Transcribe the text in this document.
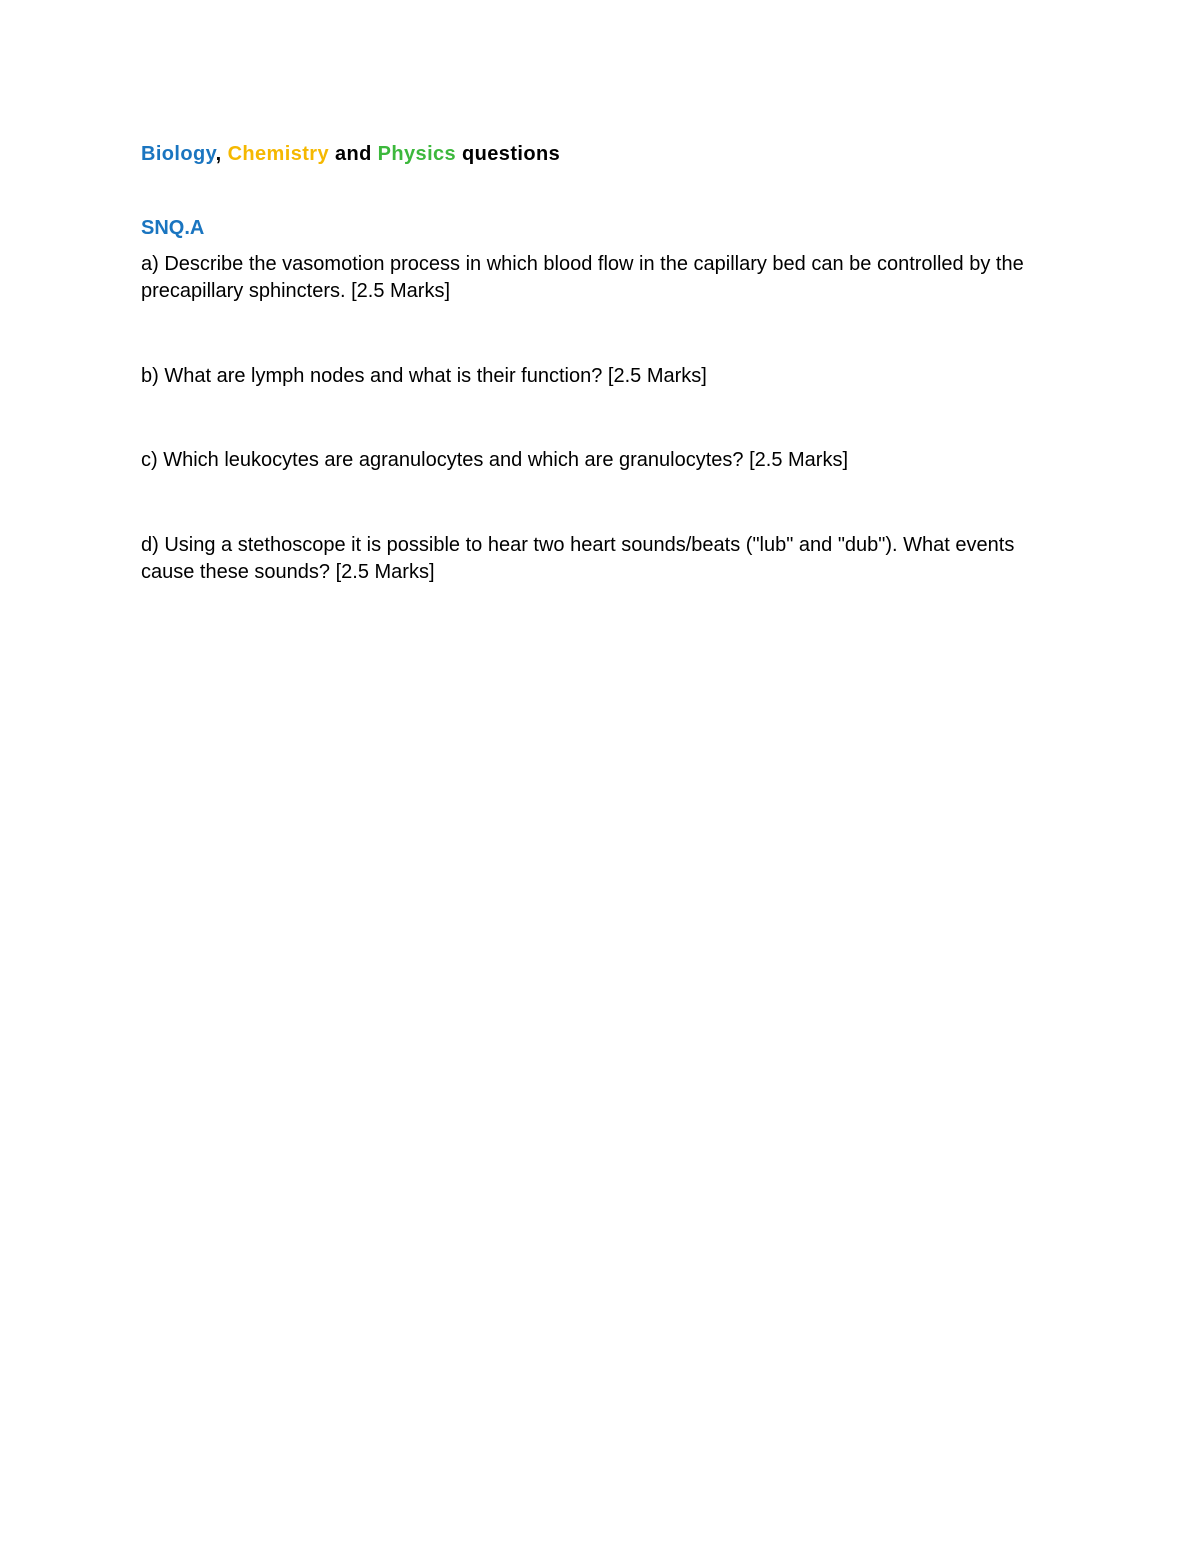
Biology, Chemistry and Physics questions
SNQ.A

a) Describe the vasomotion process in which blood flow in the capillary bed can be controlled by the precapillary sphincters. [2.5 Marks]

b) What are lymph nodes and what is their function? [2.5 Marks]

c) Which leukocytes are agranulocytes and which are granulocytes? [2.5 Marks]

d) Using a stethoscope it is possible to hear two heart sounds/beats ("lub" and "dub"). What events cause these sounds? [2.5 Marks]
